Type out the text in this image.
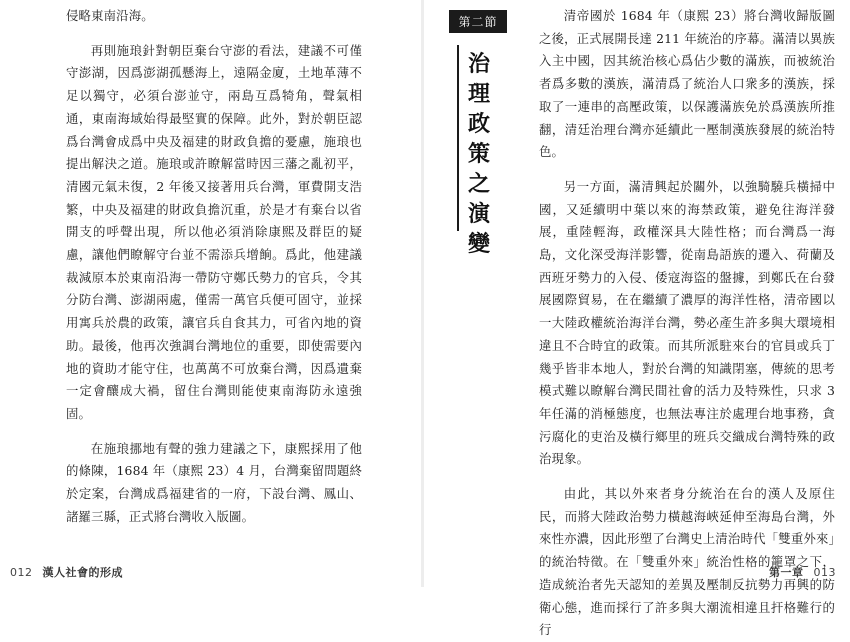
侵略東南沿海。

再則施琅針對朝臣棄台守澎的看法，建議不可僅守澎湖，因爲澎湖孤懸海上，遠隔金廈，土地革薄不足以獨守，必須台澎並守，兩島互爲犄角，聲氣相通，東南海域始得最堅實的保障。此外，對於朝臣認爲台灣會成爲中央及福建的財政負擔的憂慮，施琅也提出解決之道。施琅或許瞭解當時因三藩之亂初平，清國元氣未復，2 年後又接著用兵台灣，軍費開支浩繁，中央及福建的財政負擔沉重，於是才有棄台以省開支的呼聲出現，所以他必須消除康熙及群臣的疑慮，讓他們瞭解守台並不需添兵增餉。爲此，他建議裁減原本於東南沿海一帶防守鄭氏勢力的官兵，令其分防台灣、澎湖兩處，僅需一萬官兵便可固守，並採用寓兵於農的政策，讓官兵自食其力，可省內地的資助。最後，他再次強調台灣地位的重要，即使需要內地的資助才能守住，也萬萬不可放棄台灣，因爲遺棄一定會釀成大禍，留住台灣則能使東南海防永遠強固。

在施琅挪地有聲的強力建議之下，康熙採用了他的條陳，1684 年（康熙 23）4 月，台灣棄留問題終於定案，台灣成爲福建省的一府，下設台灣、鳳山、諸羅三縣，正式將台灣收入版圖。

012 漢人社會的形成
第二節
治
理
政
策
之
演
變

清帝國於 1684 年（康熙 23）將台灣收歸版圖之後，正式展開長達 211 年統治的序幕。滿清以異族入主中國，因其統治核心爲佔少數的滿族，而被統治者爲多數的漢族，滿清爲了統治人口衆多的漢族，採取了一連串的高壓政策，以保護滿族免於爲漢族所推翻，清廷治理台灣亦延續此一壓制漢族發展的統治特色。

另一方面，滿清興起於關外，以強騎驍兵橫掃中國，又延續明中葉以來的海禁政策，避免往海洋發展，重陸輕海，政權深具大陸性格；而台灣爲一海島，文化深受海洋影響，從南島語族的遷入、荷蘭及西班牙勢力的入侵、倭寇海盜的盤據，到鄭氏在台發展國際貿易，在在繼續了濃厚的海洋性格，清帝國以一大陸政權統治海洋台灣，勢必產生許多與大環境相違且不合時宜的政策。而其所派駐來台的官員或兵丁幾乎皆非本地人，對於台灣的知識閉塞，傳統的思考模式難以瞭解台灣民間社會的活力及特殊性，只求 3 年任滿的消極態度，也無法專注於處理台地事務，貪污腐化的吏治及橫行鄉里的班兵交織成台灣特殊的政治現象。

由此，其以外來者身分統治在台的漢人及原住民，而將大陸政治勢力橫越海峽延伸至海島台灣，外來性亦濃，因此形塑了台灣史上清治時代「雙重外來」的統治特徵。在「雙重外來」統治性格的籠罩之下，造成統治者先天認知的差異及壓制反抗勢力再興的防衛心態，進而採行了許多與大潮流相違且扞格難行的行

第一章 013
